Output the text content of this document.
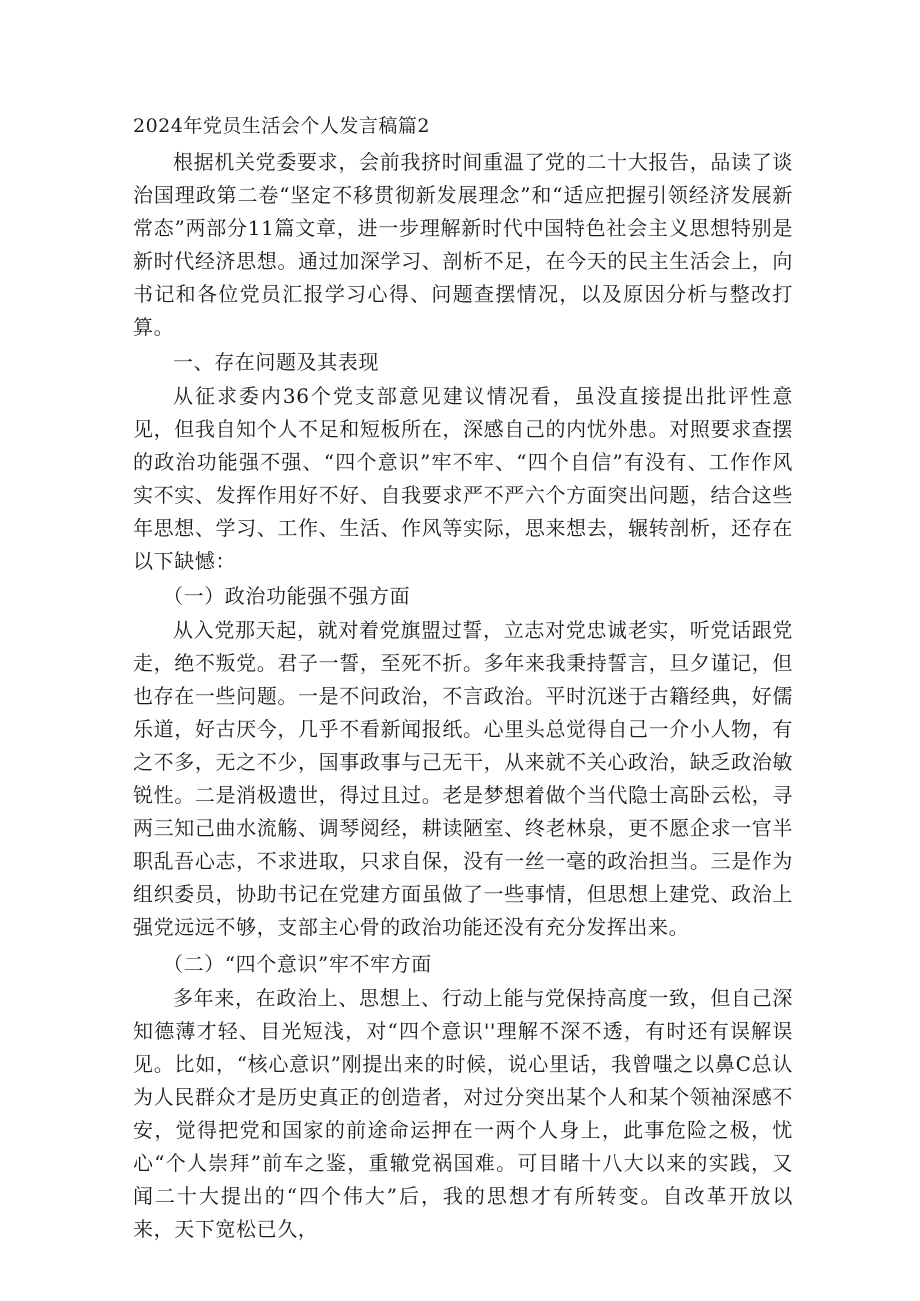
2024年党员生活会个人发言稿篇2

根据机关党委要求，会前我挤时间重温了党的二十大报告，品读了谈治国理政第二卷“坚定不移贯彻新发展理念”和“适应把握引领经济发展新常态”两部分11篇文章，进一步理解新时代中国特色社会主义思想特别是新时代经济思想。通过加深学习、剖析不足，在今天的民主生活会上，向书记和各位党员汇报学习心得、问题查摆情况，以及原因分析与整改打算。

一、存在问题及其表现

从征求委内36个党支部意见建议情况看，虽没直接提出批评性意见，但我自知个人不足和短板所在，深感自己的内忧外患。对照要求查摆的政治功能强不强、“四个意识”牢不牢、“四个自信”有没有、工作作风实不实、发挥作用好不好、自我要求严不严六个方面突出问题，结合这些年思想、学习、工作、生活、作风等实际，思来想去，辗转剖析，还存在以下缺憾：

（一）政治功能强不强方面

从入党那天起，就对着党旗盟过誓，立志对党忠诚老实，听党话跟党走，绝不叛党。君子一誓，至死不折。多年来我秉持誓言，旦夕谨记，但也存在一些问题。一是不问政治，不言政治。平时沉迷于古籍经典，好儒乐道，好古厌今，几乎不看新闻报纸。心里头总觉得自己一介小人物，有之不多，无之不少，国事政事与己无干，从来就不关心政治，缺乏政治敏锐性。二是消极遗世，得过且过。老是梦想着做个当代隐士高卧云松，寻两三知己曲水流觞、调琴阅经，耕读陋室、终老林泉，更不愿企求一官半职乱吾心志，不求进取，只求自保，没有一丝一毫的政治担当。三是作为组织委员，协助书记在党建方面虽做了一些事情，但思想上建党、政治上强党远远不够，支部主心骨的政治功能还没有充分发挥出来。

（二）“四个意识”牢不牢方面

多年来，在政治上、思想上、行动上能与党保持高度一致，但自己深知德薄才轻、目光短浅，对“四个意识''理解不深不透，有时还有误解误见。比如，“核心意识”刚提出来的时候，说心里话，我曾嗤之以鼻C总认为人民群众才是历史真正的创造者，对过分突出某个人和某个领袖深感不安，觉得把党和国家的前途命运押在一两个人身上，此事危险之极，忧心“个人崇拜”前车之鉴，重辙党祸国难。可目睹十八大以来的实践，又闻二十大提出的“四个伟大”后，我的思想才有所转变。自改革开放以来，天下宽松已久，
